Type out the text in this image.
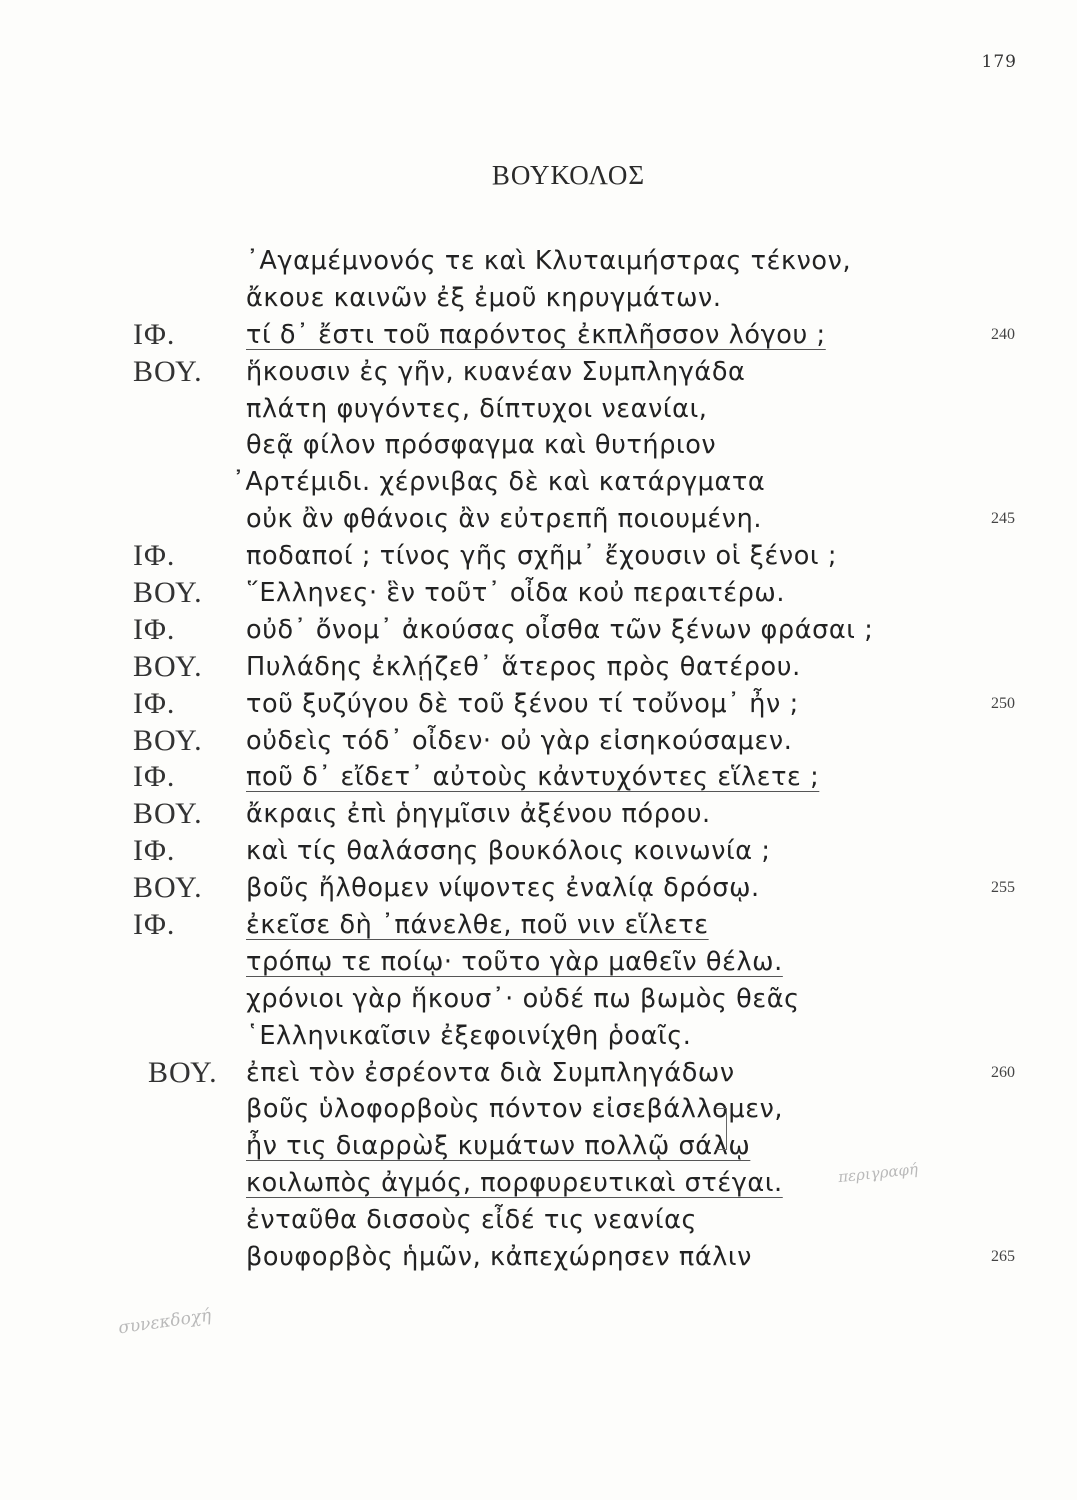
179
ΒΟΥΚΟΛΟΣ
᾿Αγαμέμνονός τε καὶ Κλυταιμήστρας τέκνον,
ἄκουε καινῶν ἐξ ἐμοῦ κηρυγμάτων.
ΙΦ.	τί δ᾿ ἔστι τοῦ παρόντος ἐκπλῆσσον λόγου ;	240
ΒΟΥ. ἥκουσιν ἐς γῆν, κυανέαν Συμπληγάδα
πλάτη φυγόντες, δίπτυχοι νεανίαι,
θεᾷ φίλον πρόσφαγμα καὶ θυτήριον
᾿Αρτέμιδι. χέρνιβας δὲ καὶ κατάργματα
οὐκ ἂν φθάνοις ἂν εὐτρεπῆ ποιουμένη.	245
ΙΦ.	ποδαποί ; τίνος γῆς σχῆμ᾿ ἔχουσιν οἱ ξένοι ;
ΒΟΥ. ῞Ελληνες· ἓν τοῦτ᾿ οἶδα κοὐ περαιτέρω.
ΙΦ.	οὐδ᾿ ὄνομ᾿ ἀκούσας οἶσθα τῶν ξένων φράσαι ;
ΒΟΥ. Πυλάδης ἐκλῄζεθ᾿ ἅτερος πρὸς θατέρου.
ΙΦ.	τοῦ ξυζύγου δὲ τοῦ ξένου τί τοὔνομ᾿ ἦν ;	250
ΒΟΥ. οὐδεὶς τόδ᾿ οἶδεν· οὐ γὰρ εἰσηκούσαμεν.
ΙΦ.	ποῦ δ᾿ εἴδετ᾿ αὐτοὺς κἀντυχόντες εἵλετε ;
ΒΟΥ. ἄκραις ἐπὶ ῥηγμῖσιν ἀξένου πόρου.
ΙΦ.	καὶ τίς θαλάσσης βουκόλοις κοινωνία ;
ΒΟΥ. βοῦς ἤλθομεν νίψοντες ἐναλίᾳ δρόσῳ.	255
ΙΦ.	ἐκεῖσε δὴ ᾿πάνελθε, ποῦ νιν εἵλετε
τρόπῳ τε ποίῳ· τοῦτο γὰρ μαθεῖν θέλω.
χρόνιοι γὰρ ἥκουσ᾿· οὐδέ πω βωμὸς θεᾶς
῾Ελληνικαῖσιν ἐξεφοινίχθη ῥοαῖς.
ΒΟΥ. ἐπεὶ τὸν ἐσρέοντα διὰ Συμπληγάδων	260
βοῦς ὑλοφορβοὺς πόντον εἰσεβάλλομεν,
ἦν τις διαρρὼξ κυμάτων πολλῷ σάλῳ
κοιλωπὸς ἀγμός, πορφυρευτικαὶ στέγαι.
ἐνταῦθα δισσοὺς εἶδέ τις νεανίας
βουφορβὸς ἡμῶν, κἀπεχώρησεν πάλιν	265
περιγραφή
συνεκδοχή
